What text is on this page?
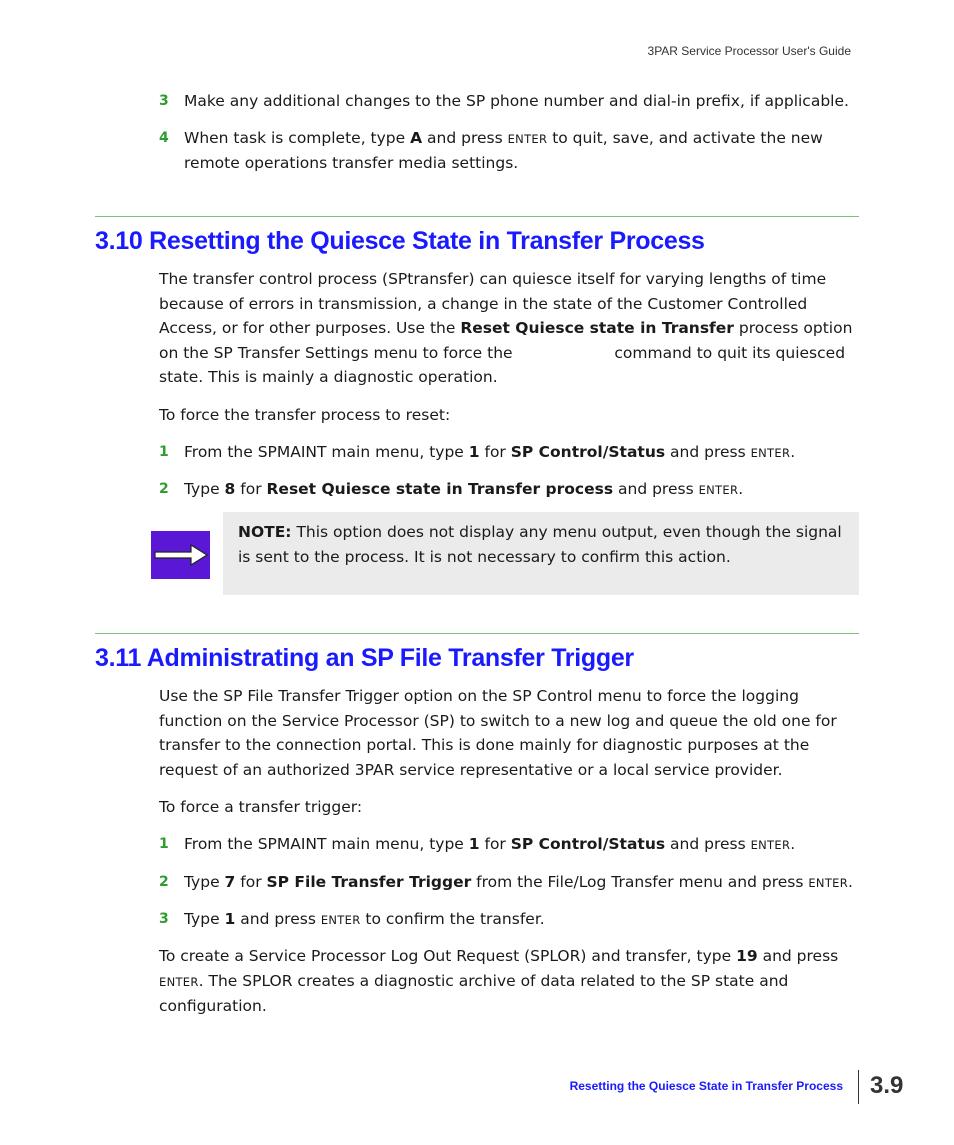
3PAR Service Processor User's Guide
3 Make any additional changes to the SP phone number and dial-in prefix, if applicable.
4 When task is complete, type A and press ENTER to quit, save, and activate the new remote operations transfer media settings.
3.10 Resetting the Quiesce State in Transfer Process
The transfer control process (SPtransfer) can quiesce itself for varying lengths of time because of errors in transmission, a change in the state of the Customer Controlled Access, or for other purposes. Use the Reset Quiesce state in Transfer process option on the SP Transfer Settings menu to force the	command to quit its quiesced state. This is mainly a diagnostic operation.
To force the transfer process to reset:
1 From the SPMAINT main menu, type 1 for SP Control/Status and press ENTER.
2 Type 8 for Reset Quiesce state in Transfer process and press ENTER.
NOTE: This option does not display any menu output, even though the signal is sent to the process. It is not necessary to confirm this action.
3.11 Administrating an SP File Transfer Trigger
Use the SP File Transfer Trigger option on the SP Control menu to force the logging function on the Service Processor (SP) to switch to a new log and queue the old one for transfer to the connection portal. This is done mainly for diagnostic purposes at the request of an authorized 3PAR service representative or a local service provider.
To force a transfer trigger:
1 From the SPMAINT main menu, type 1 for SP Control/Status and press ENTER.
2 Type 7 for SP File Transfer Trigger from the File/Log Transfer menu and press ENTER.
3 Type 1 and press ENTER to confirm the transfer.
To create a Service Processor Log Out Request (SPLOR) and transfer, type 19 and press ENTER. The SPLOR creates a diagnostic archive of data related to the SP state and configuration.
Resetting the Quiesce State in Transfer Process 3.9
